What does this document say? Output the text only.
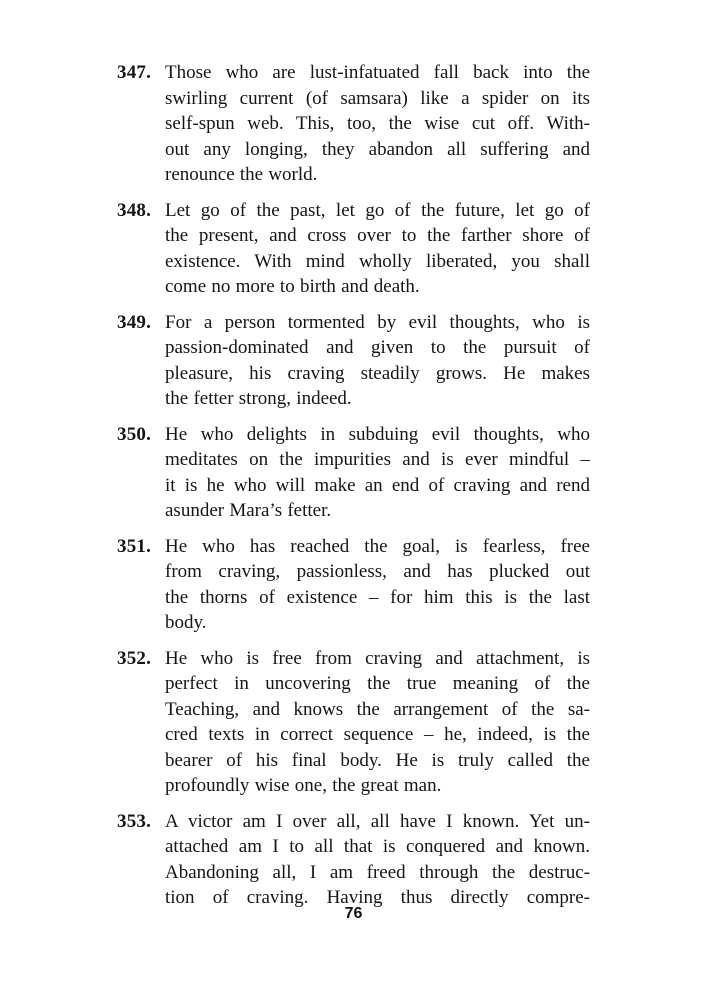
347. Those who are lust-infatuated fall back into the
swirling current (of samsara) like a spider on its
self-spun web. This, too, the wise cut off. With-
out any longing, they abandon all suffering and
renounce the world.
348. Let go of the past, let go of the future, let go of
the present, and cross over to the farther shore of
existence. With mind wholly liberated, you shall
come no more to birth and death.
349. For a person tormented by evil thoughts, who is
passion-dominated and given to the pursuit of
pleasure, his craving steadily grows. He makes
the fetter strong, indeed.
350. He who delights in subduing evil thoughts, who
meditates on the impurities and is ever mindful –
it is he who will make an end of craving and rend
asunder Mara’s fetter.
351. He who has reached the goal, is fearless, free
from craving, passionless, and has plucked out
the thorns of existence – for him this is the last
body.
352. He who is free from craving and attachment, is
perfect in uncovering the true meaning of the
Teaching, and knows the arrangement of the sa-
cred texts in correct sequence – he, indeed, is the
bearer of his final body. He is truly called the
profoundly wise one, the great man.
353. A victor am I over all, all have I known. Yet un-
attached am I to all that is conquered and known.
Abandoning all, I am freed through the destruc-
tion of craving. Having thus directly compre-
76
